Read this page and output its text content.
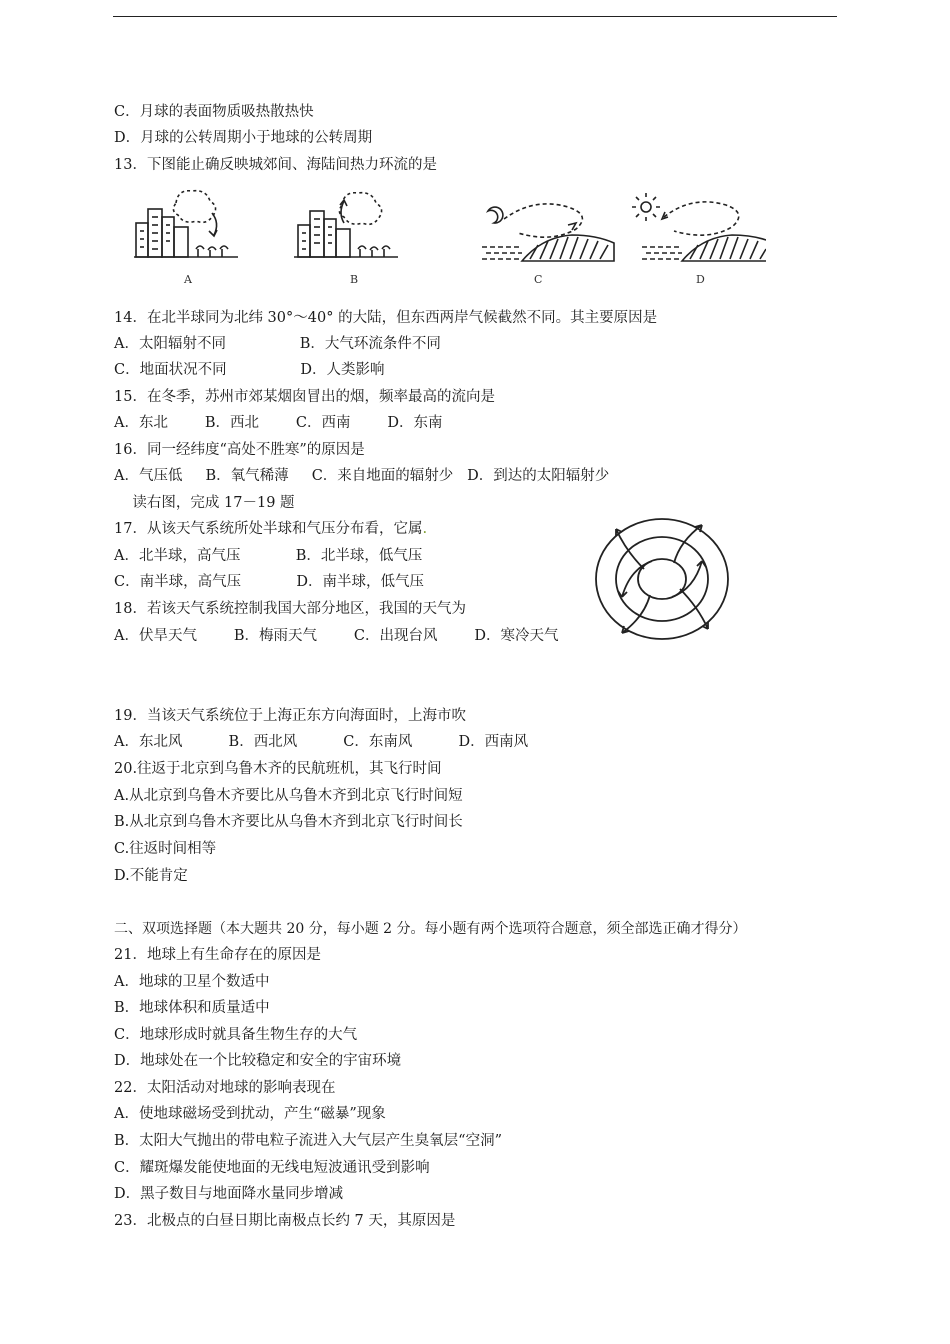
C．月球的表面物质吸热散热快
D．月球的公转周期小于地球的公转周期
13．下图能止确反映城郊间、海陆间热力环流的是
A	B	C	D
14．在北半球同为北纬 30°～40° 的大陆，但东西两岸气候截然不同。其主要原因是
A．太阳辐射不同                B．大气环流条件不同
C．地面状况不同                D．人类影响
15．在冬季，苏州市郊某烟囱冒出的烟，频率最高的流向是
A．东北        B．西北        C．西南        D．东南
16．同一经纬度“高处不胜寒”的原因是
A．气压低     B．氧气稀薄     C．来自地面的辐射少   D．到达的太阳辐射少
读右图，完成 17－19 题
17．从该天气系统所处半球和气压分布看，它属.
A．北半球，高气压            B．北半球，低气压
C．南半球，高气压            D．南半球，低气压
18．若该天气系统控制我国大部分地区，我国的天气为
A．伏旱天气        B．梅雨天气        C．出现台风        D．寒冷天气
19．当该天气系统位于上海正东方向海面时，上海市吹
A．东北风          B．西北风          C．东南风          D．西南风
20.往返于北京到乌鲁木齐的民航班机，其飞行时间
A.从北京到乌鲁木齐要比从乌鲁木齐到北京飞行时间短
B.从北京到乌鲁木齐要比从乌鲁木齐到北京飞行时间长
C.往返时间相等
D.不能肯定
二、双项选择题（本大题共 20 分，每小题 2 分。每小题有两个选项符合题意，须全部选正确才得分）
21．地球上有生命存在的原因是
A．地球的卫星个数适中
B．地球体积和质量适中
C．地球形成时就具备生物生存的大气
D．地球处在一个比较稳定和安全的宇宙环境
22．太阳活动对地球的影响表现在
A．使地球磁场受到扰动，产生“磁暴”现象
B．太阳大气抛出的带电粒子流进入大气层产生臭氧层“空洞”
C．耀斑爆发能使地面的无线电短波通讯受到影响
D．黑子数目与地面降水量同步增减
23．北极点的白昼日期比南极点长约 7 天，其原因是
